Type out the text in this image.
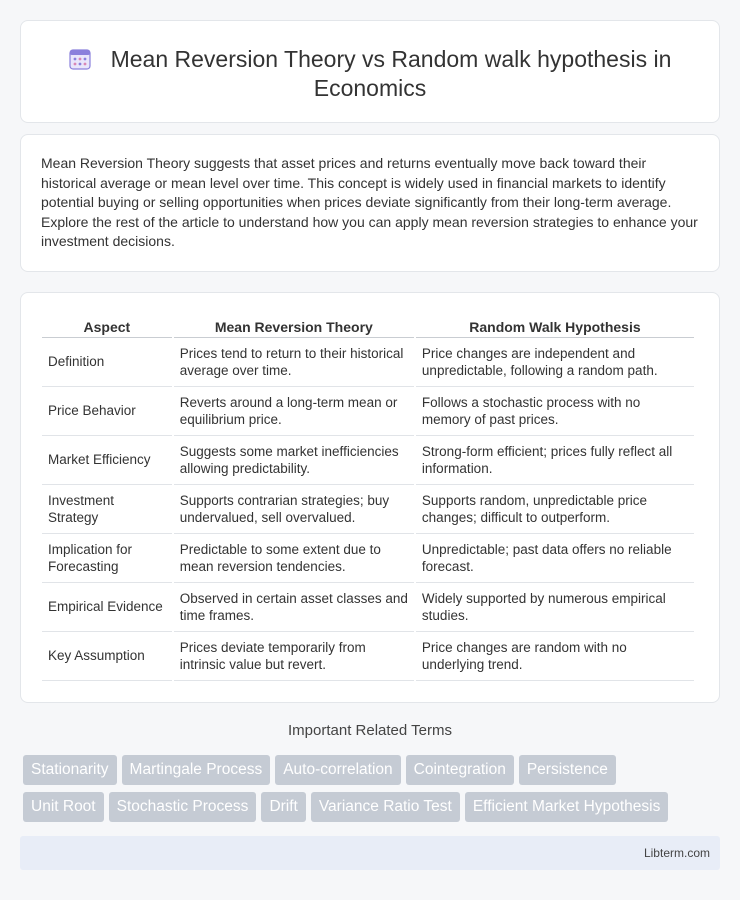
Mean Reversion Theory vs Random walk hypothesis in Economics

Mean Reversion Theory suggests that asset prices and returns eventually move back toward their historical average or mean level over time. This concept is widely used in financial markets to identify potential buying or selling opportunities when prices deviate significantly from their long-term average. Explore the rest of the article to understand how you can apply mean reversion strategies to enhance your investment decisions.

Aspect	Mean Reversion Theory	Random Walk Hypothesis
Definition	Prices tend to return to their historical average over time.	Price changes are independent and unpredictable, following a random path.
Price Behavior	Reverts around a long-term mean or equilibrium price.	Follows a stochastic process with no memory of past prices.
Market Efficiency	Suggests some market inefficiencies allowing predictability.	Strong-form efficient; prices fully reflect all information.
Investment Strategy	Supports contrarian strategies; buy undervalued, sell overvalued.	Supports random, unpredictable price changes; difficult to outperform.
Implication for Forecasting	Predictable to some extent due to mean reversion tendencies.	Unpredictable; past data offers no reliable forecast.
Empirical Evidence	Observed in certain asset classes and time frames.	Widely supported by numerous empirical studies.
Key Assumption	Prices deviate temporarily from intrinsic value but revert.	Price changes are random with no underlying trend.
Important Related Terms
Stationarity Martingale Process Auto-correlation Cointegration Persistence
Unit Root Stochastic Process Drift Variance Ratio Test Efficient Market Hypothesis
Libterm.com
